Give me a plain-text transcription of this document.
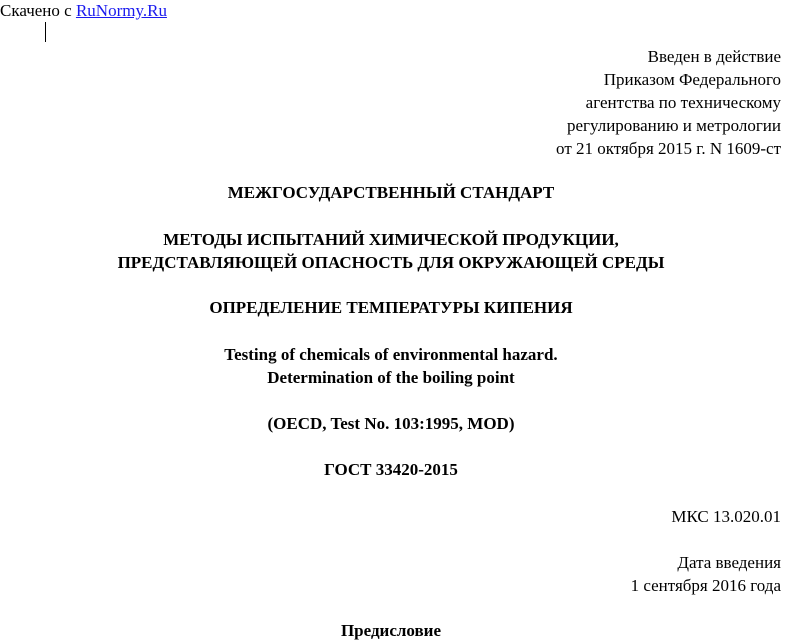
Скачено с RuNormy.Ru
Введен в действие
Приказом Федерального
агентства по техническому
регулированию и метрологии
от 21 октября 2015 г. N 1609-ст
МЕЖГОСУДАРСТВЕННЫЙ СТАНДАРТ
МЕТОДЫ ИСПЫТАНИЙ ХИМИЧЕСКОЙ ПРОДУКЦИИ,
ПРЕДСТАВЛЯЮЩЕЙ ОПАСНОСТЬ ДЛЯ ОКРУЖАЮЩЕЙ СРЕДЫ
ОПРЕДЕЛЕНИЕ ТЕМПЕРАТУРЫ КИПЕНИЯ
Testing of chemicals of environmental hazard.
Determination of the boiling point
(OECD, Test No. 103:1995, MOD)
ГОСТ 33420-2015
МКС 13.020.01
Дата введения
1 сентября 2016 года
Предисловие
